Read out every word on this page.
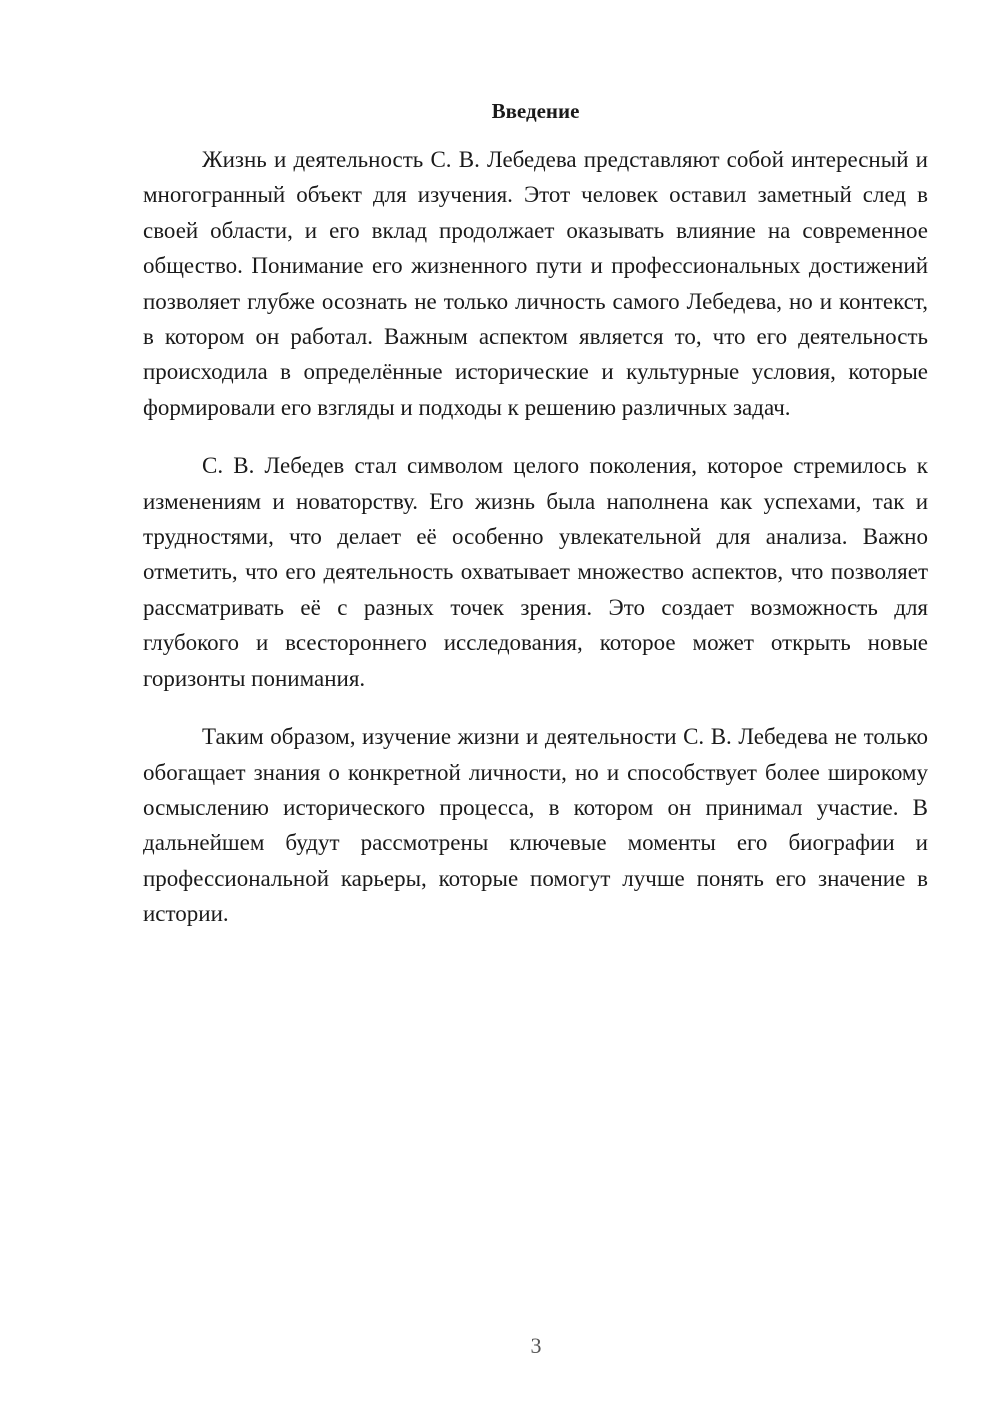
Введение

Жизнь и деятельность С. В. Лебедева представляют собой интересный и многогранный объект для изучения. Этот человек оставил заметный след в своей области, и его вклад продолжает оказывать влияние на современное общество. Понимание его жизненного пути и профессиональных достижений позволяет глубже осознать не только личность самого Лебедева, но и контекст, в котором он работал. Важным аспектом является то, что его деятельность происходила в определённые исторические и культурные условия, которые формировали его взгляды и подходы к решению различных задач.

С. В. Лебедев стал символом целого поколения, которое стремилось к изменениям и новаторству. Его жизнь была наполнена как успехами, так и трудностями, что делает её особенно увлекательной для анализа. Важно отметить, что его деятельность охватывает множество аспектов, что позволяет рассматривать её с разных точек зрения. Это создает возможность для глубокого и всестороннего исследования, которое может открыть новые горизонты понимания.

Таким образом, изучение жизни и деятельности С. В. Лебедева не только обогащает знания о конкретной личности, но и способствует более широкому осмыслению исторического процесса, в котором он принимал участие. В дальнейшем будут рассмотрены ключевые моменты его биографии и профессиональной карьеры, которые помогут лучше понять его значение в истории.

3
